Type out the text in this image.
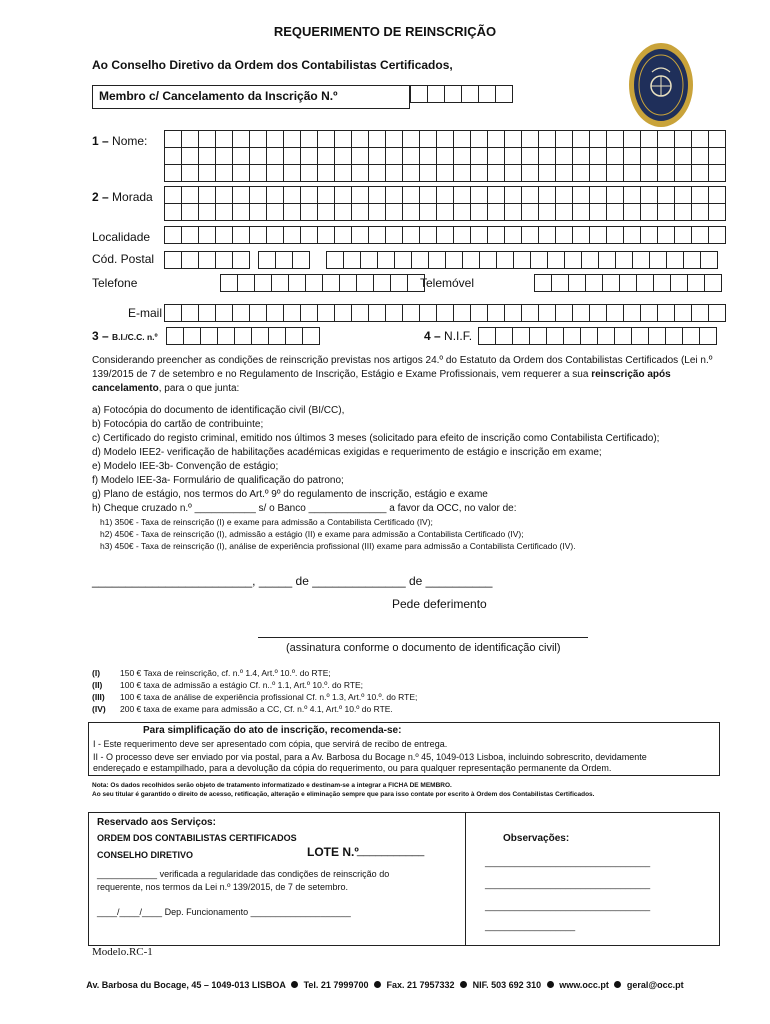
REQUERIMENTO DE REINSCRIÇÃO
Ao Conselho Diretivo da Ordem dos Contabilistas Certificados,
Membro c/ Cancelamento da Inscrição N.º

1 – Nome:
2 – Morada
Localidade
Cód. Postal
Telefone	Telemóvel
E-mail
3 – B.I./C.C. n.º	4 – N.I.F.

Considerando preencher as condições de reinscrição previstas nos artigos 24.º do Estatuto da Ordem dos Contabilistas Certificados (Lei n.º 139/2015 de 7 de setembro e no Regulamento de Inscrição, Estágio e Exame Profissionais, vem requerer a sua reinscrição após cancelamento, para o que junta:
a) Fotocópia do documento de identificação civil (BI/CC),
b) Fotocópia do cartão de contribuinte;
c) Certificado do registo criminal, emitido nos últimos 3 meses (solicitado para efeito de inscrição como Contabilista Certificado);
d) Modelo IEE2- verificação de habilitações académicas exigidas e requerimento de estágio e inscrição em exame;
e) Modelo IEE-3b- Convenção de estágio;
f) Modelo IEE-3a- Formulário de qualificação do patrono;
g) Plano de estágio, nos termos do Art.º 9º do regulamento de inscrição, estágio e exame
h) Cheque cruzado n.º ___________ s/ o Banco ______________ a favor da OCC, no valor de:
h1) 350€ - Taxa de reinscrição (I) e exame para admissão a Contabilista Certificado (IV);
h2) 450€ - Taxa de reinscrição (I), admissão a estágio (II) e exame para admissão a Contabilista Certificado (IV);
h3) 450€ - Taxa de reinscrição (I), análise de experiência profissional (III) exame para admissão a Contabilista Certificado (IV).
________________________, _____ de ______________ de __________
Pede deferimento
(assinatura conforme o documento de identificação civil)
(I) 150 € Taxa de reinscrição, cf. n.º 1.4, Art.º 10.º. do RTE;
(II) 100 € taxa de admissão a estágio Cf. n..º 1.1, Art.º 10.º. do RTE;
(III) 100 € taxa de análise de experiência profissional Cf. n.º 1.3, Art.º 10.º. do RTE;
(IV) 200 € taxa de exame para admissão a CC, Cf. n.º 4.1, Art.º 10.º do RTE.
Para simplificação do ato de inscrição, recomenda-se:
I - Este requerimento deve ser apresentado com cópia, que servirá de recibo de entrega.
II - O processo deve ser enviado por via postal, para a Av. Barbosa du Bocage n.º 45, 1049-013 Lisboa, incluindo sobrescrito, devidamente
endereçado e estampilhado, para a devolução da cópia do requerimento, ou para qualquer representação permanente da Ordem.
Nota: Os dados recolhidos serão objeto de tratamento informatizado e destinam-se a integrar a FICHA DE MEMBRO.
Ao seu titular é garantido o direito de acesso, retificação, alteração e eliminação sempre que para isso contate por escrito à Ordem dos Contabilistas Certificados.
Reservado aos Serviços:
ORDEM DOS CONTABILISTAS CERTIFICADOS
CONSELHO DIRETIVO	LOTE N.º
___________
____________ verificada a regularidade das condições de reinscrição do
requerente, nos termos da Lei n.º 139/2015, de 7 de setembro.
____/____/____ Dep. Funcionamento ____________________
Observações:
_________________________________
_________________________________
_________________________________
__________________
Modelo.RC-1
Av. Barbosa du Bocage, 45 – 1049-013 LISBOA Tel. 21 7999700 Fax. 21 7957332 NIF. 503 692 310 www.occ.pt geral@occ.pt
